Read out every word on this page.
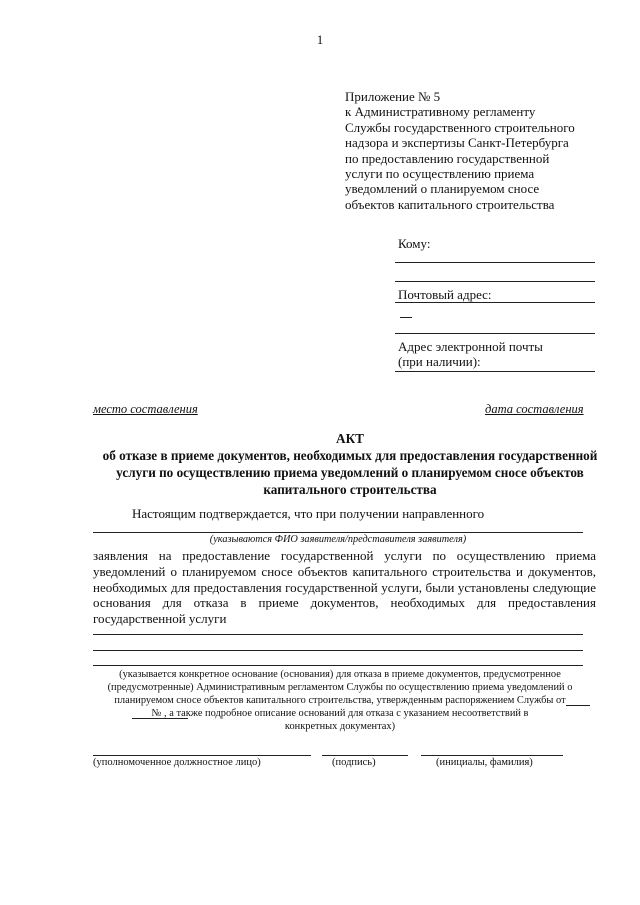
1
Приложение № 5
к Административному регламенту
Службы государственного строительного
надзора и экспертизы Санкт-Петербурга
по предоставлению государственной
услуги по осуществлению приема
уведомлений о планируемом сносе
объектов капитального строительства
Кому:
Почтовый адрес:
Адрес электронной почты
(при наличии):
место составления	дата составления
АКТ
об отказе в приеме документов, необходимых для предоставления государственной
услуги по осуществлению приема уведомлений о планируемом сносе объектов
капитального строительства
Настоящим подтверждается, что при получении направленного
(указываются ФИО заявителя/представителя заявителя)
заявления на предоставление государственной услуги по осуществлению приема
уведомлений о планируемом сносе объектов капитального строительства и документов,
необходимых для предоставления государственной услуги, были установлены следующие
основания для отказа в приеме документов, необходимых для предоставления
государственной услуги
(указывается конкретное основание (основания) для отказа в приеме документов, предусмотренное
(предусмотренные) Административным регламентом Службы по осуществлению приема уведомлений о
планируемом сносе объектов капитального строительства, утвержденным распоряжением Службы от
№ , а также подробное описание оснований для отказа с указанием несоответствий в
конкретных документах)
(уполномоченное должностное лицо)	(подпись)	(инициалы, фамилия)
